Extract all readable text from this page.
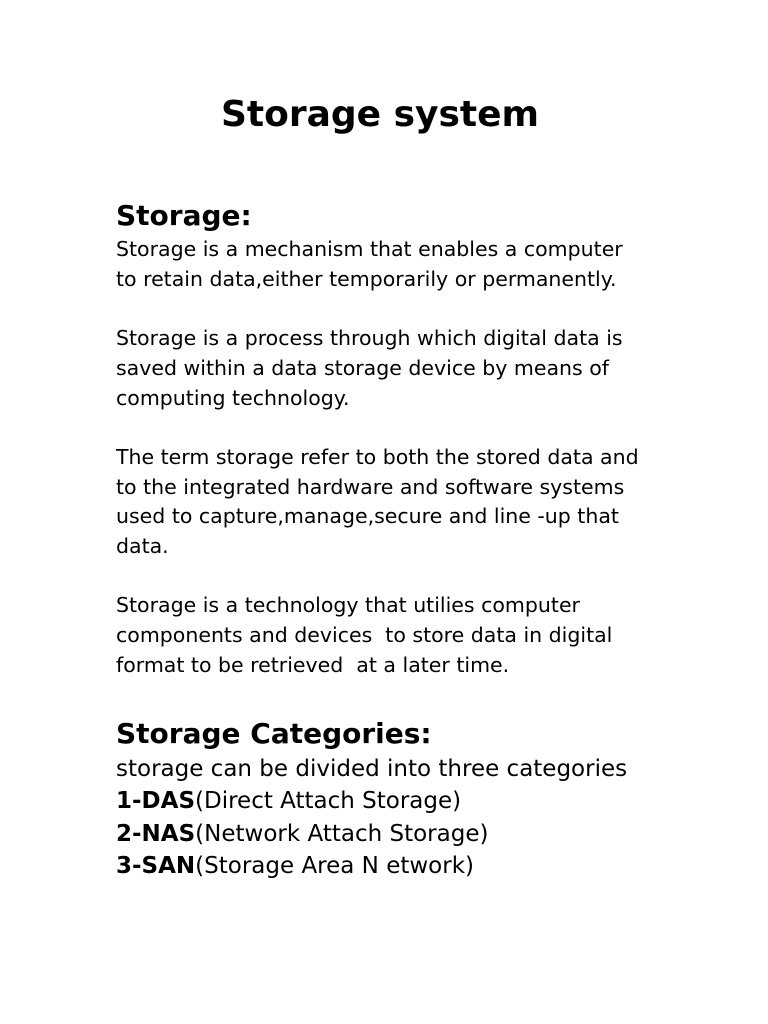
Storage system
Storage:

Storage is a mechanism that enables a computer
to retain data,either temporarily or permanently.

Storage is a process through which digital data is
saved within a data storage device by means of
computing technology.

The term storage refer to both the stored data and
to the integrated hardware and software systems
used to capture,manage,secure and line -up that
data.

Storage is a technology that utilies computer
components and devices  to store data in digital
format to be retrieved  at a later time.

Storage Categories:

storage can be divided into three categories

1-DAS(Direct Attach Storage)
2-NAS(Network Attach Storage)
3-SAN(Storage Area N etwork)
